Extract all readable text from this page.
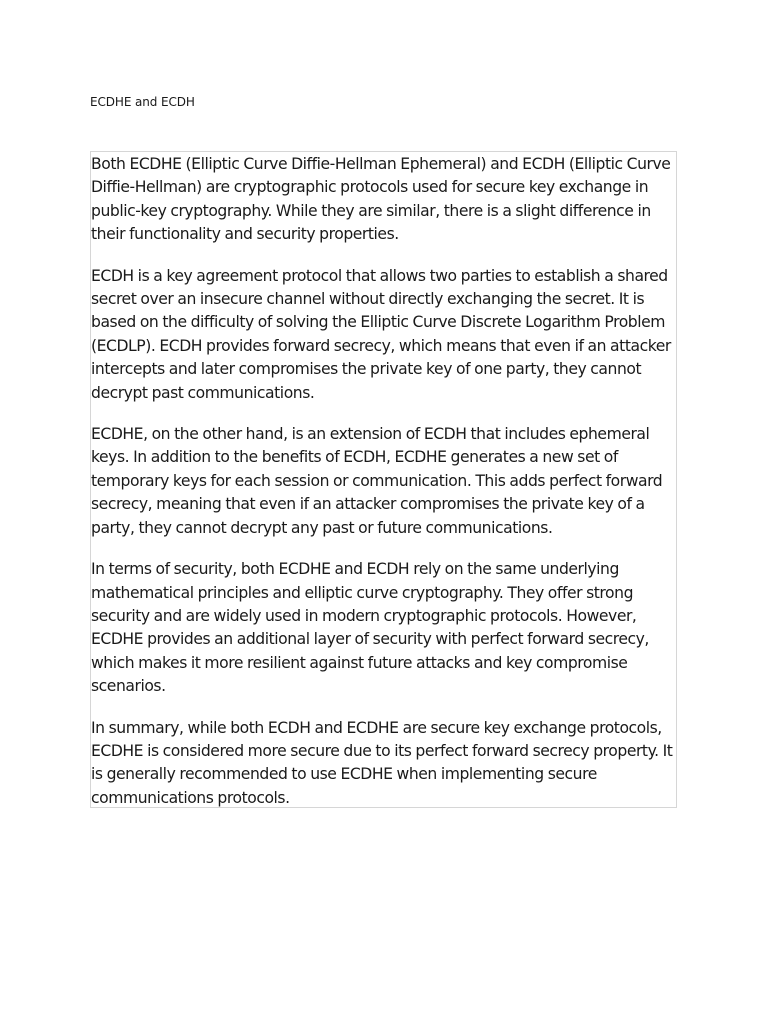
ECDHE and ECDH

Both ECDHE (Elliptic Curve Diffie-Hellman Ephemeral) and ECDH (Elliptic Curve Diffie-Hellman) are cryptographic protocols used for secure key exchange in public-key cryptography. While they are similar, there is a slight difference in their functionality and security properties.

ECDH is a key agreement protocol that allows two parties to establish a shared secret over an insecure channel without directly exchanging the secret. It is based on the difficulty of solving the Elliptic Curve Discrete Logarithm Problem (ECDLP). ECDH provides forward secrecy, which means that even if an attacker intercepts and later compromises the private key of one party, they cannot decrypt past communications.

ECDHE, on the other hand, is an extension of ECDH that includes ephemeral keys. In addition to the benefits of ECDH, ECDHE generates a new set of temporary keys for each session or communication. This adds perfect forward secrecy, meaning that even if an attacker compromises the private key of a party, they cannot decrypt any past or future communications.

In terms of security, both ECDHE and ECDH rely on the same underlying mathematical principles and elliptic curve cryptography. They offer strong security and are widely used in modern cryptographic protocols. However, ECDHE provides an additional layer of security with perfect forward secrecy, which makes it more resilient against future attacks and key compromise scenarios.

In summary, while both ECDH and ECDHE are secure key exchange protocols, ECDHE is considered more secure due to its perfect forward secrecy property. It is generally recommended to use ECDHE when implementing secure communications protocols.
